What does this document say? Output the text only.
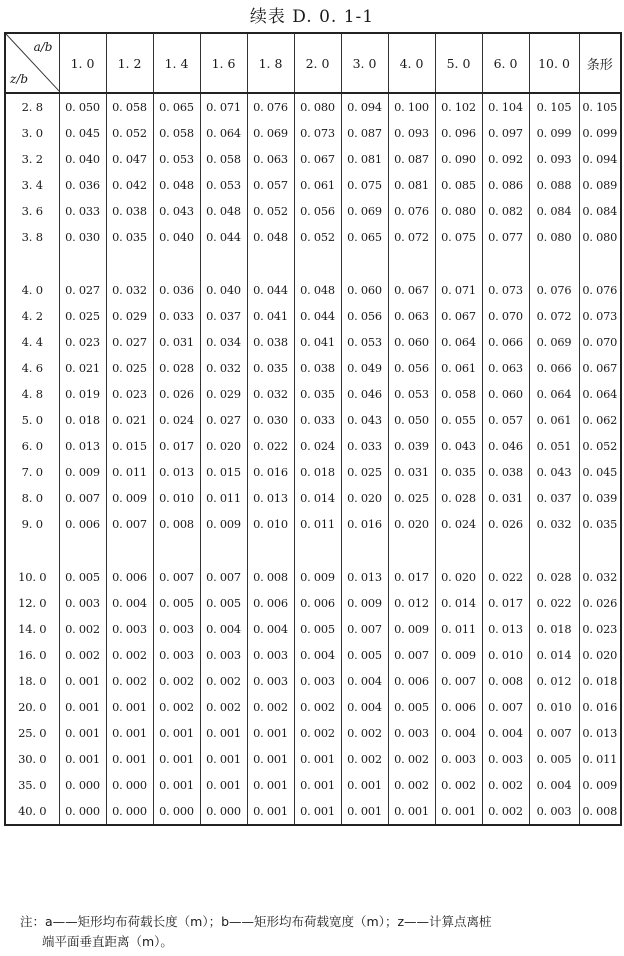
续表 D. 0. 1-1
a/b
z/b	1. 0	1. 2	1. 4	1. 6	1. 8	2. 0	3. 0	4. 0	5. 0	6. 0	10. 0	条形
2. 8	0. 050	0. 058	0. 065	0. 071	0. 076	0. 080	0. 094	0. 100	0. 102	0. 104	0. 105	0. 105
3. 0	0. 045	0. 052	0. 058	0. 064	0. 069	0. 073	0. 087	0. 093	0. 096	0. 097	0. 099	0. 099
3. 2	0. 040	0. 047	0. 053	0. 058	0. 063	0. 067	0. 081	0. 087	0. 090	0. 092	0. 093	0. 094
3. 4	0. 036	0. 042	0. 048	0. 053	0. 057	0. 061	0. 075	0. 081	0. 085	0. 086	0. 088	0. 089
3. 6	0. 033	0. 038	0. 043	0. 048	0. 052	0. 056	0. 069	0. 076	0. 080	0. 082	0. 084	0. 084
3. 8	0. 030	0. 035	0. 040	0. 044	0. 048	0. 052	0. 065	0. 072	0. 075	0. 077	0. 080	0. 080

4. 0	0. 027	0. 032	0. 036	0. 040	0. 044	0. 048	0. 060	0. 067	0. 071	0. 073	0. 076	0. 076
4. 2	0. 025	0. 029	0. 033	0. 037	0. 041	0. 044	0. 056	0. 063	0. 067	0. 070	0. 072	0. 073
4. 4	0. 023	0. 027	0. 031	0. 034	0. 038	0. 041	0. 053	0. 060	0. 064	0. 066	0. 069	0. 070
4. 6	0. 021	0. 025	0. 028	0. 032	0. 035	0. 038	0. 049	0. 056	0. 061	0. 063	0. 066	0. 067
4. 8	0. 019	0. 023	0. 026	0. 029	0. 032	0. 035	0. 046	0. 053	0. 058	0. 060	0. 064	0. 064
5. 0	0. 018	0. 021	0. 024	0. 027	0. 030	0. 033	0. 043	0. 050	0. 055	0. 057	0. 061	0. 062
6. 0	0. 013	0. 015	0. 017	0. 020	0. 022	0. 024	0. 033	0. 039	0. 043	0. 046	0. 051	0. 052
7. 0	0. 009	0. 011	0. 013	0. 015	0. 016	0. 018	0. 025	0. 031	0. 035	0. 038	0. 043	0. 045
8. 0	0. 007	0. 009	0. 010	0. 011	0. 013	0. 014	0. 020	0. 025	0. 028	0. 031	0. 037	0. 039
9. 0	0. 006	0. 007	0. 008	0. 009	0. 010	0. 011	0. 016	0. 020	0. 024	0. 026	0. 032	0. 035

10. 0	0. 005	0. 006	0. 007	0. 007	0. 008	0. 009	0. 013	0. 017	0. 020	0. 022	0. 028	0. 032
12. 0	0. 003	0. 004	0. 005	0. 005	0. 006	0. 006	0. 009	0. 012	0. 014	0. 017	0. 022	0. 026
14. 0	0. 002	0. 003	0. 003	0. 004	0. 004	0. 005	0. 007	0. 009	0. 011	0. 013	0. 018	0. 023
16. 0	0. 002	0. 002	0. 003	0. 003	0. 003	0. 004	0. 005	0. 007	0. 009	0. 010	0. 014	0. 020
18. 0	0. 001	0. 002	0. 002	0. 002	0. 003	0. 003	0. 004	0. 006	0. 007	0. 008	0. 012	0. 018
20. 0	0. 001	0. 001	0. 002	0. 002	0. 002	0. 002	0. 004	0. 005	0. 006	0. 007	0. 010	0. 016
25. 0	0. 001	0. 001	0. 001	0. 001	0. 001	0. 002	0. 002	0. 003	0. 004	0. 004	0. 007	0. 013
30. 0	0. 001	0. 001	0. 001	0. 001	0. 001	0. 001	0. 002	0. 002	0. 003	0. 003	0. 005	0. 011
35. 0	0. 000	0. 000	0. 001	0. 001	0. 001	0. 001	0. 001	0. 002	0. 002	0. 002	0. 004	0. 009
40. 0	0. 000	0. 000	0. 000	0. 000	0. 001	0. 001	0. 001	0. 001	0. 001	0. 002	0. 003	0. 008
注：a——矩形均布荷载长度（m）；b——矩形均布荷载宽度（m）；z——计算点离桩
端平面垂直距离（m）。
